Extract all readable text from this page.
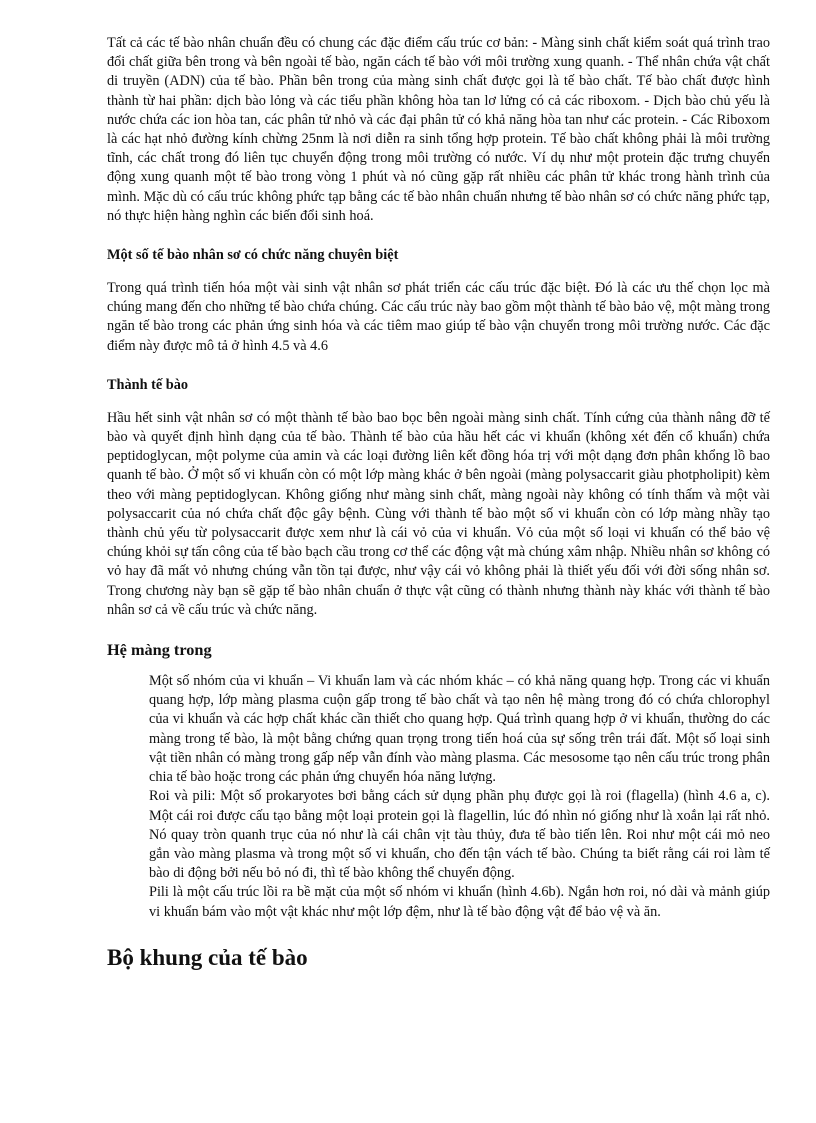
Tất cả các tế bào nhân chuẩn đều có chung các đặc điểm cấu trúc cơ bản: - Màng sinh chất kiểm soát quá trình trao đổi chất giữa bên trong và bên ngoài tế bào, ngăn cách tế bào với môi trường xung quanh. - Thể nhân chứa vật chất di truyền (ADN) của tế bào. Phần bên trong của màng sinh chất được gọi là tế bào chất. Tế bào chất được hình thành từ hai phần: dịch bào lỏng và các tiểu phần không hòa tan lơ lửng có cả các riboxom. - Dịch bào chủ yếu là nước chứa các ion hòa tan, các phân tử nhỏ và các đại phân tử có khả năng hòa tan như các protein. - Các Riboxom là các hạt nhỏ đường kính chừng 25nm là nơi diễn ra sinh tổng hợp protein. Tế bào chất không phải là môi trường tĩnh, các chất trong đó liên tục chuyển động trong môi trường có nước. Ví dụ như một protein đặc trưng chuyển động xung quanh một tế bào trong vòng 1 phút và nó cũng gặp rất nhiều các phân tử khác trong hành trình của mình. Mặc dù có cấu trúc không phức tạp bằng các tế bào nhân chuẩn nhưng tế bào nhân sơ có chức năng phức tạp, nó thực hiện hàng nghìn các biến đổi sinh hoá.

Một số tế bào nhân sơ có chức năng chuyên biệt

Trong quá trình tiến hóa một vài sinh vật nhân sơ phát triển các cấu trúc đặc biệt. Đó là các ưu thế chọn lọc mà chúng mang đến cho những tế bào chứa chúng. Các cấu trúc này bao gồm một thành tế bào bảo vệ, một màng trong ngăn tế bào trong các phản ứng sinh hóa và các tiêm mao giúp tế bào vận chuyển trong môi trường nước. Các đặc điểm này được mô tả ở hình 4.5 và 4.6

Thành tế bào

Hầu hết sinh vật nhân sơ có một thành tế bào bao bọc bên ngoài màng sinh chất. Tính cứng của thành nâng đỡ tế bào và quyết định hình dạng của tế bào. Thành tế bào của hầu hết các vi khuẩn (không xét đến cổ khuẩn) chứa peptidoglycan, một polyme của amin và các loại đường liên kết đồng hóa trị với một dạng đơn phân khổng lồ bao quanh tế bào. Ở một số vi khuẩn còn có một lớp màng khác ở bên ngoài (màng polysaccarit giàu photpholipit) kèm theo với màng peptidoglycan. Không giống như màng sinh chất, màng ngoài này không có tính thấm và một vài polysaccarit của nó chứa chất độc gây bệnh. Cùng với thành tế bào một số vi khuẩn còn có lớp màng nhầy tạo thành chủ yếu từ polysaccarit được xem như là cái vỏ của vi khuẩn. Vỏ của một số loại vi khuẩn có thể bảo vệ chúng khỏi sự tấn công của tế bào bạch cầu trong cơ thể các động vật mà chúng xâm nhập. Nhiều nhân sơ không có vỏ hay đã mất vỏ nhưng chúng vẫn tồn tại được, như vậy cái vỏ không phải là thiết yếu đối với đời sống nhân sơ. Trong chương này bạn sẽ gặp tế bào nhân chuẩn ở thực vật cũng có thành nhưng thành này khác với thành tế bào nhân sơ cả về cấu trúc và chức năng.

Hệ màng trong

Một số nhóm của vi khuẩn – Vi khuẩn lam và các nhóm khác – có khả năng quang hợp. Trong các vi khuẩn quang hợp, lớp màng plasma cuộn gấp trong tế bào chất và tạo nên hệ màng trong đó có chứa chlorophyl của vi khuẩn và các hợp chất khác cần thiết cho quang hợp. Quá trình quang hợp ở vi khuẩn, thường do các màng trong tế bào, là một bằng chứng quan trọng trong tiến hoá của sự sống trên trái đất. Một số loại sinh vật tiền nhân có màng trong gấp nếp vẫn đính vào màng plasma. Các mesosome tạo nên cấu trúc trong phân chia tế bào hoặc trong các phản ứng chuyển hóa năng lượng.

Roi và pili: Một số prokaryotes bơi bằng cách sử dụng phần phụ được gọi là roi (flagella) (hình 4.6 a, c). Một cái roi được cấu tạo bằng một loại protein gọi là flagellin, lúc đó nhìn nó giống như là xoắn lại rất nhỏ. Nó quay tròn quanh trục của nó như là cái chân vịt tàu thủy, đưa tế bào tiến lên. Roi như một cái mỏ neo gắn vào màng plasma và trong một số vi khuẩn, cho đến tận vách tế bào. Chúng ta biết rằng cái roi làm tế bào di động bởi nếu bỏ nó đi, thì tế bào không thể chuyển động.

Pili là một cấu trúc lồi ra bề mặt của một số nhóm vi khuẩn (hình 4.6b). Ngắn hơn roi, nó dài và mảnh giúp vi khuẩn bám vào một vật khác như một lớp đệm, như là tế bào động vật để bảo vệ và ăn.

Bộ khung của tế bào
